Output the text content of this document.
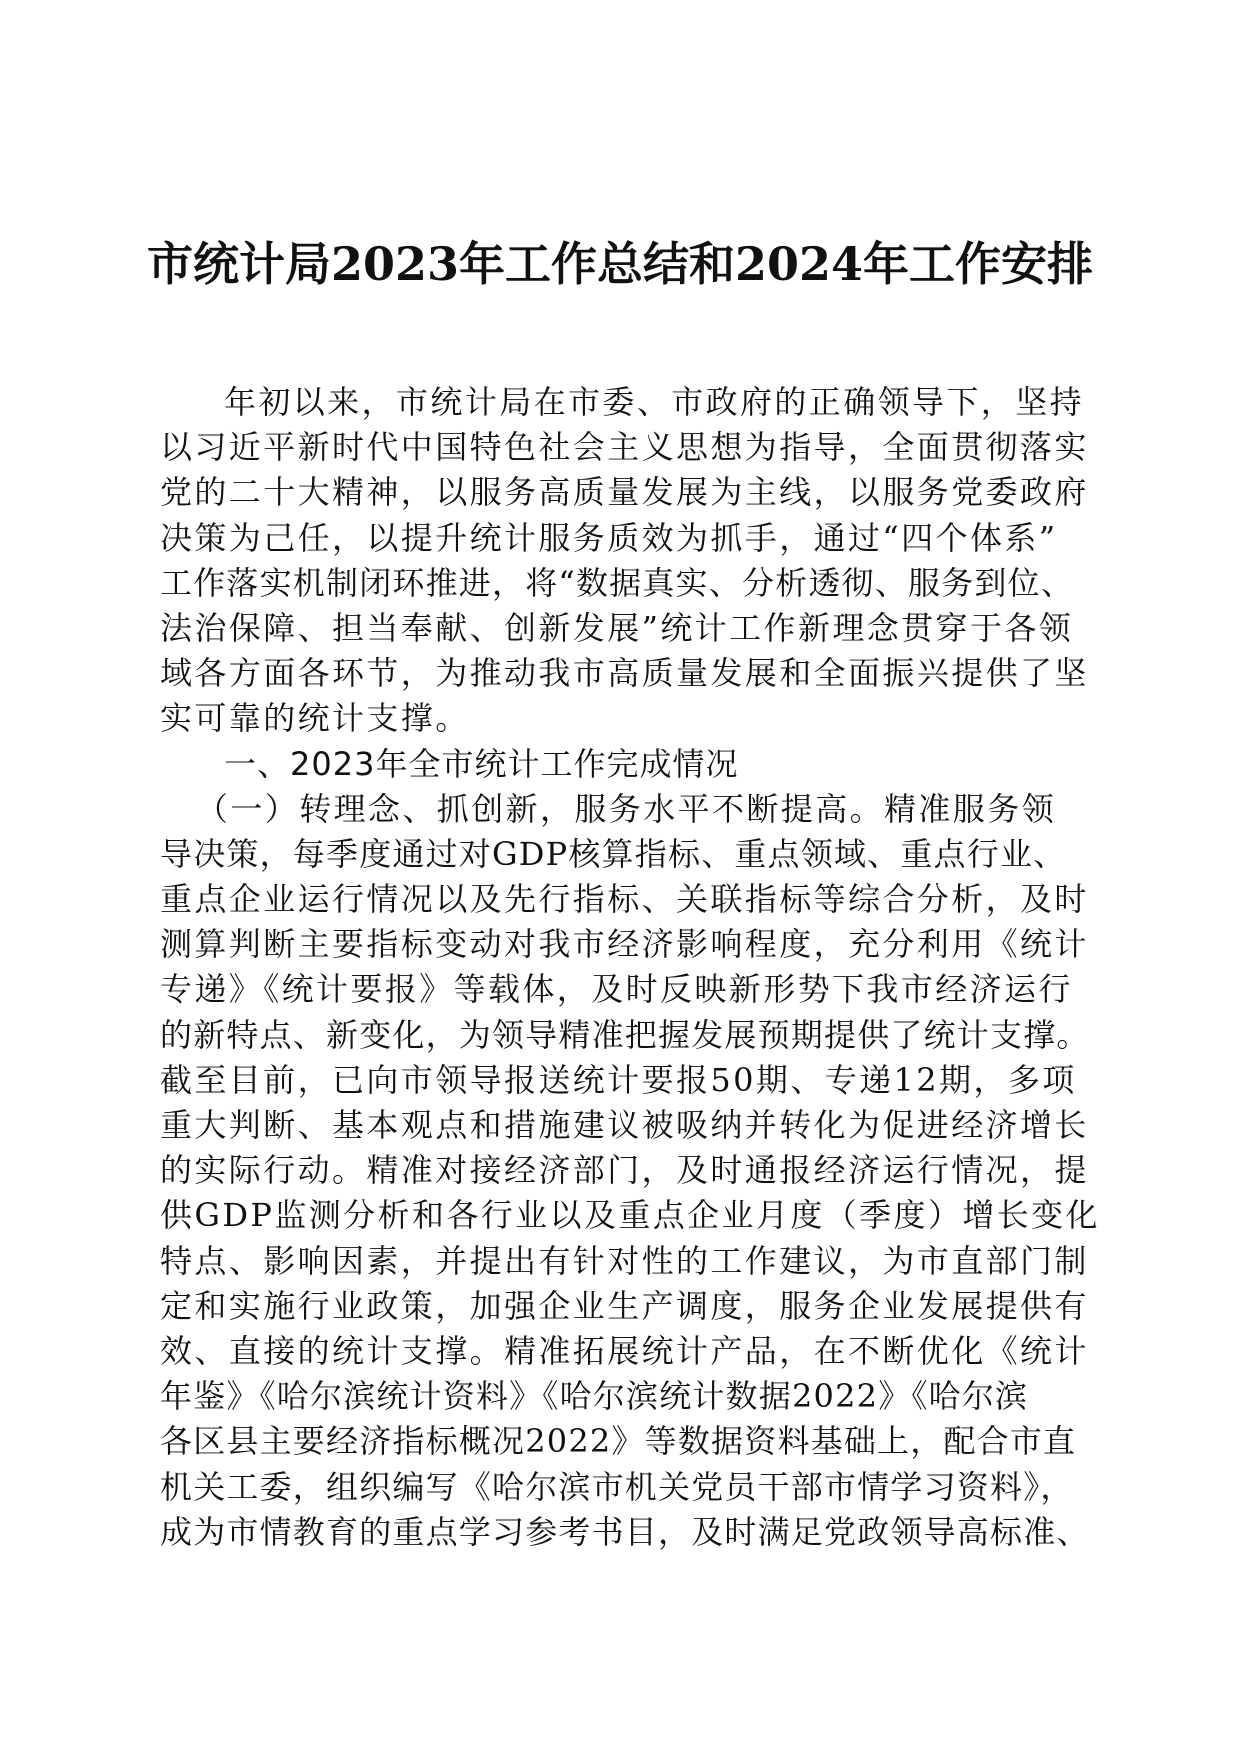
市统计局2023年工作总结和2024年工作安排
年初以来，市统计局在市委、市政府的正确领导下，坚持
以习近平新时代中国特色社会主义思想为指导，全面贯彻落实
党的二十大精神，以服务高质量发展为主线，以服务党委政府
决策为己任，以提升统计服务质效为抓手，通过“四个体系”
工作落实机制闭环推进，将“数据真实、分析透彻、服务到位、
法治保障、担当奉献、创新发展”统计工作新理念贯穿于各领
域各方面各环节，为推动我市高质量发展和全面振兴提供了坚
实可靠的统计支撑。
一、2023年全市统计工作完成情况
（一）转理念、抓创新，服务水平不断提高。精准服务领
导决策，每季度通过对GDP核算指标、重点领域、重点行业、
重点企业运行情况以及先行指标、关联指标等综合分析，及时
测算判断主要指标变动对我市经济影响程度，充分利用《统计
专递》《统计要报》等载体，及时反映新形势下我市经济运行
的新特点、新变化，为领导精准把握发展预期提供了统计支撑。
截至目前，已向市领导报送统计要报50期、专递12期，多项
重大判断、基本观点和措施建议被吸纳并转化为促进经济增长
的实际行动。精准对接经济部门，及时通报经济运行情况，提
供GDP监测分析和各行业以及重点企业月度（季度）增长变化
特点、影响因素，并提出有针对性的工作建议，为市直部门制
定和实施行业政策，加强企业生产调度，服务企业发展提供有
效、直接的统计支撑。精准拓展统计产品，在不断优化《统计
年鉴》《哈尔滨统计资料》《哈尔滨统计数据2022》《哈尔滨
各区县主要经济指标概况2022》等数据资料基础上，配合市直
机关工委，组织编写《哈尔滨市机关党员干部市情学习资料》，
成为市情教育的重点学习参考书目，及时满足党政领导高标准、
